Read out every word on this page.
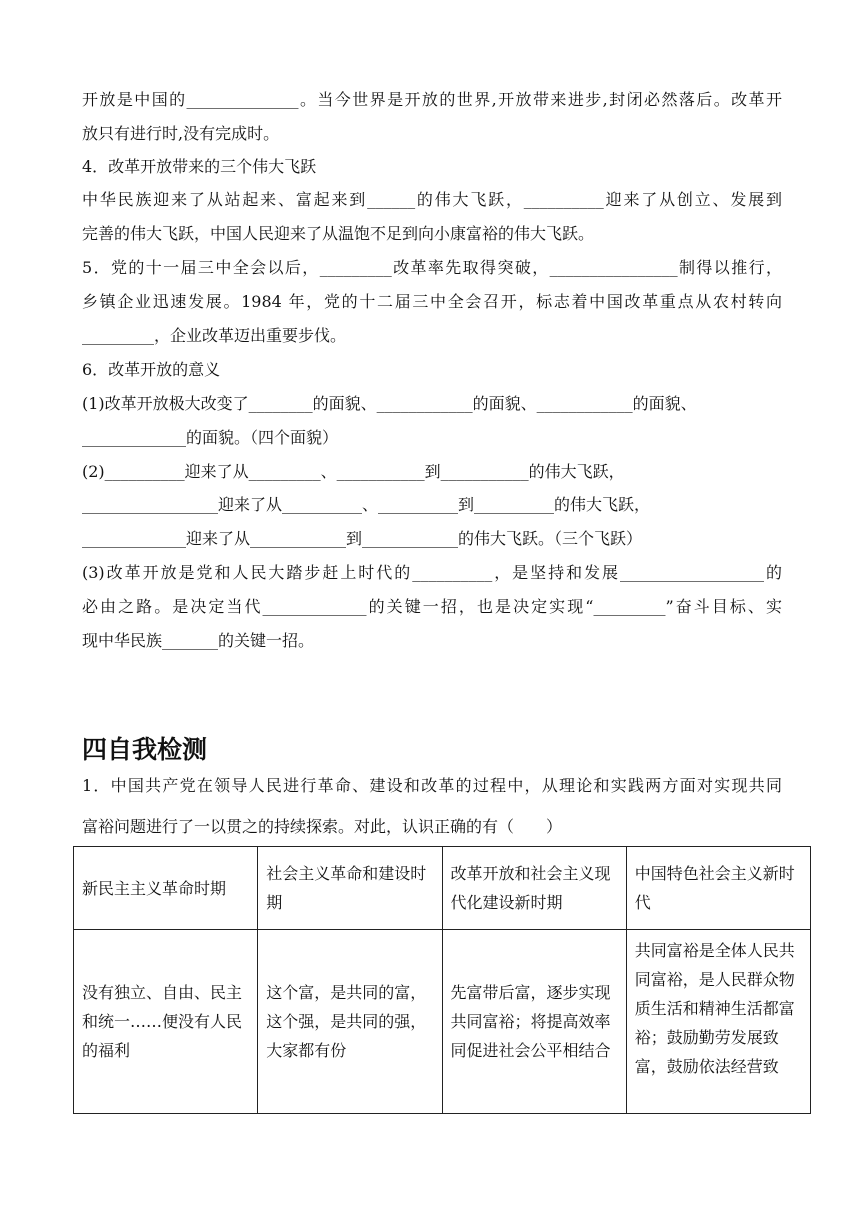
开放是中国的______________。当今世界是开放的世界,开放带来进步,封闭必然落后。改革开
放只有进行时,没有完成时。
4．改革开放带来的三个伟大飞跃
中华民族迎来了从站起来、富起来到______的伟大飞跃，__________迎来了从创立、发展到
完善的伟大飞跃，中国人民迎来了从温饱不足到向小康富裕的伟大飞跃。
5．党的十一届三中全会以后，_________改革率先取得突破，________________制得以推行，
乡镇企业迅速发展。1984 年，党的十二届三中全会召开，标志着中国改革重点从农村转向
_________，企业改革迈出重要步伐。
6．改革开放的意义
(1)改革开放极大改变了________的面貌、____________的面貌、____________的面貌、
_____________的面貌。（四个面貌）
(2)__________迎来了从_________、___________到___________的伟大飞跃，
_________________迎来了从__________、__________到__________的伟大飞跃，
_____________迎来了从____________到____________的伟大飞跃。（三个飞跃）
(3)改革开放是党和人民大踏步赶上时代的__________，是坚持和发展__________________的
必由之路。是决定当代_____________的关键一招，也是决定实现“_________”奋斗目标、实
现中华民族_______的关键一招。
四自我检测
1．中国共产党在领导人民进行革命、建设和改革的过程中，从理论和实践两方面对实现共同
富裕问题进行了一以贯之的持续探索。对此，认识正确的有（　　）
新民主主义革命时期	社会主义革命和建设时期	改革开放和社会主义现代化建设新时期	中国特色社会主义新时代
没有独立、自由、民主和统一……便没有人民的福利	这个富，是共同的富，这个强，是共同的强，大家都有份	先富带后富，逐步实现共同富裕；将提高效率同促进社会公平相结合	共同富裕是全体人民共同富裕，是人民群众物质生活和精神生活都富裕；鼓励勤劳发展致富，鼓励依法经营致
